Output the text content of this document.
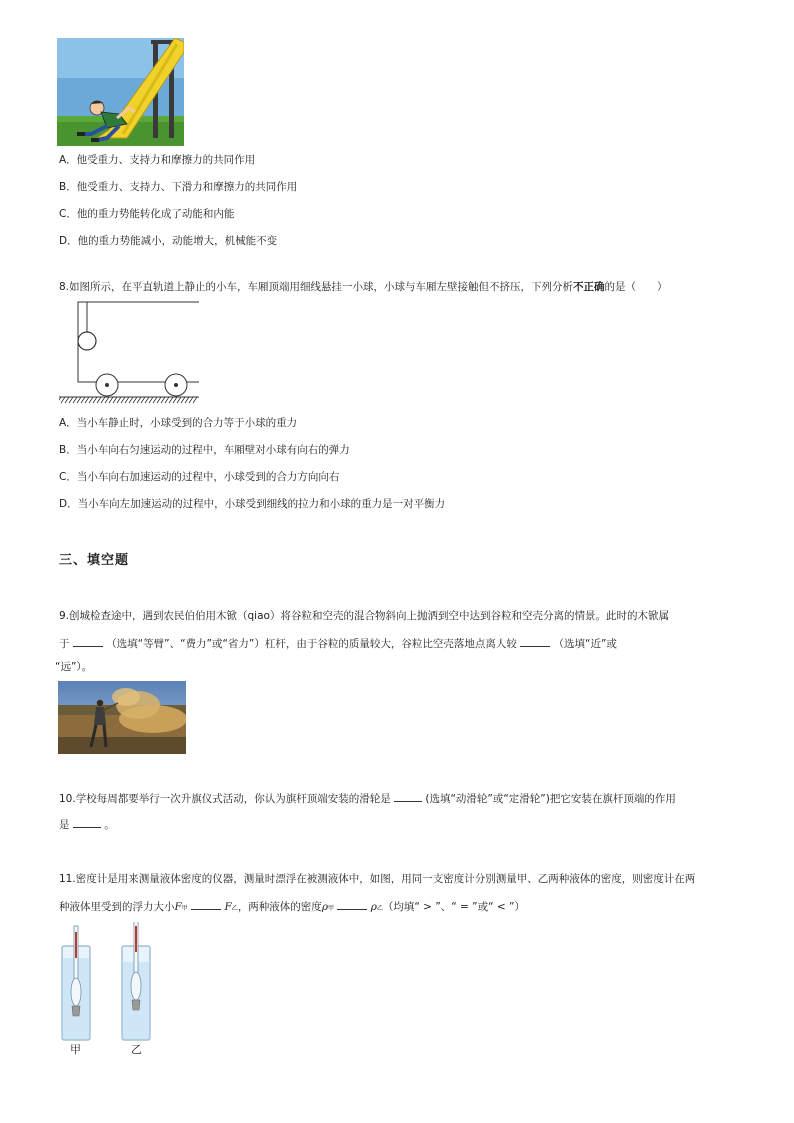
A．他受重力、支持力和摩擦力的共同作用
B．他受重力、支持力、下滑力和摩擦力的共同作用
C．他的重力势能转化成了动能和内能
D．他的重力势能减小，动能增大，机械能不变
8.如图所示，在平直轨道上静止的小车，车厢顶端用细线悬挂一小球，小球与车厢左壁接触但不挤压，下列分析不正确的是（　　）
A．当小车静止时，小球受到的合力等于小球的重力
B．当小车向右匀速运动的过程中，车厢壁对小球有向右的弹力
C．当小车向右加速运动的过程中，小球受到的合力方向向右
D．当小车向左加速运动的过程中，小球受到细线的拉力和小球的重力是一对平衡力
三、填空题
9.创城检查途中，遇到农民伯伯用木锨（qiao）将谷粒和空壳的混合物斜向上抛洒到空中达到谷粒和空壳分离的情景。此时的木锨属
于	（选填“等臂”、“费力”或“省力”）杠杆，由于谷粒的质量较大，谷粒比空壳落地点离人较	（选填“近”或
“远”）。
10.学校每周都要举行一次升旗仪式活动，你认为旗杆顶端安装的滑轮是	(选填“动滑轮”或“定滑轮”)把它安装在旗杆顶端的作用
是	。
11.密度计是用来测量液体密度的仪器，测量时漂浮在被测液体中，如图，用同一支密度计分别测量甲、乙两种液体的密度，则密度计在两
种液体里受到的浮力大小F甲	F乙，两种液体的密度ρ甲	ρ乙（均填“ > ”、“ = ”或“ < ”）
甲	乙
